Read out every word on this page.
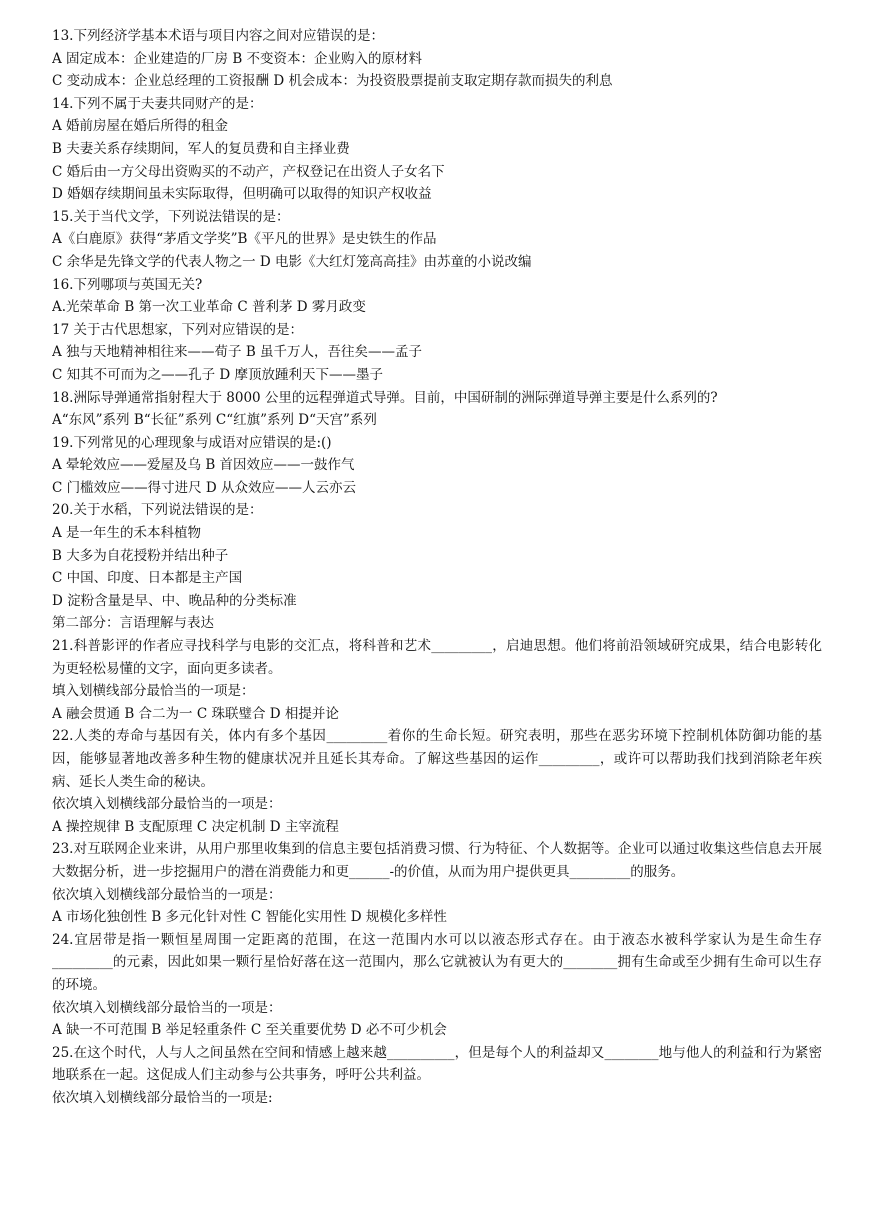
13.下列经济学基本术语与项目内容之间对应错误的是：
A 固定成本：企业建造的厂房 B 不变资本：企业购入的原材料
C 变动成本：企业总经理的工资报酬 D 机会成本：为投资股票提前支取定期存款而损失的利息
14.下列不属于夫妻共同财产的是：
A 婚前房屋在婚后所得的租金
B 夫妻关系存续期间，军人的复员费和自主择业费
C 婚后由一方父母出资购买的不动产，产权登记在出资人子女名下
D 婚姻存续期间虽未实际取得，但明确可以取得的知识产权收益
15.关于当代文学，下列说法错误的是：
A《白鹿原》获得“茅盾文学奖”B《平凡的世界》是史铁生的作品
C 余华是先锋文学的代表人物之一 D 电影《大红灯笼高高挂》由苏童的小说改编
16.下列哪项与英国无关?
A.光荣革命 B 第一次工业革命 C 普利茅 D 雾月政变
17 关于古代思想家，下列对应错误的是：
A 独与天地精神相往来——荀子 B 虽千万人，吾往矣——孟子
C 知其不可而为之——孔子 D 摩顶放踵利天下——墨子
18.洲际导弹通常指射程大于 8000 公里的远程弹道式导弹。目前，中国研制的洲际弹道导弹主要是什么系列的?
A“东风”系列 B“长征”系列 C“红旗”系列 D“天宫”系列
19.下列常见的心理现象与成语对应错误的是:()
A 晕轮效应——爱屋及乌 B 首因效应——一鼓作气
C 门槛效应——得寸进尺 D 从众效应——人云亦云
20.关于水稻，下列说法错误的是：
A 是一年生的禾本科植物
B 大多为自花授粉并结出种子
C 中国、印度、日本都是主产国
D 淀粉含量是早、中、晚品种的分类标准
第二部分：言语理解与表达
21.科普影评的作者应寻找科学与电影的交汇点，将科普和艺术_________，启迪思想。他们将前沿领域研究成果，结合电影转化为更轻松易懂的文字，面向更多读者。
填入划横线部分最恰当的一项是：
A 融会贯通 B 合二为一 C 珠联璧合 D 相提并论
22.人类的寿命与基因有关，体内有多个基因_________着你的生命长短。研究表明，那些在恶劣环境下控制机体防御功能的基因，能够显著地改善多种生物的健康状况并且延长其寿命。了解这些基因的运作_________，或许可以帮助我们找到消除老年疾病、延长人类生命的秘诀。
依次填入划横线部分最恰当的一项是：
A 操控规律 B 支配原理 C 决定机制 D 主宰流程
23.对互联网企业来讲，从用户那里收集到的信息主要包括消费习惯、行为特征、个人数据等。企业可以通过收集这些信息去开展大数据分析，进一步挖掘用户的潜在消费能力和更______-的价值，从而为用户提供更具_________的服务。
依次填入划横线部分最恰当的一项是：
A 市场化独创性 B 多元化针对性 C 智能化实用性 D 规模化多样性
24.宜居带是指一颗恒星周围一定距离的范围，在这一范围内水可以以液态形式存在。由于液态水被科学家认为是生命生存_________的元素，因此如果一颗行星恰好落在这一范围内，那么它就被认为有更大的________拥有生命或至少拥有生命可以生存的环境。
依次填入划横线部分最恰当的一项是：
A 缺一不可范围 B 举足轻重条件 C 至关重要优势 D 必不可少机会
25.在这个时代，人与人之间虽然在空间和情感上越来越__________，但是每个人的利益却又________地与他人的利益和行为紧密地联系在一起。这促成人们主动参与公共事务，呼吁公共利益。
依次填入划横线部分最恰当的一项是:
